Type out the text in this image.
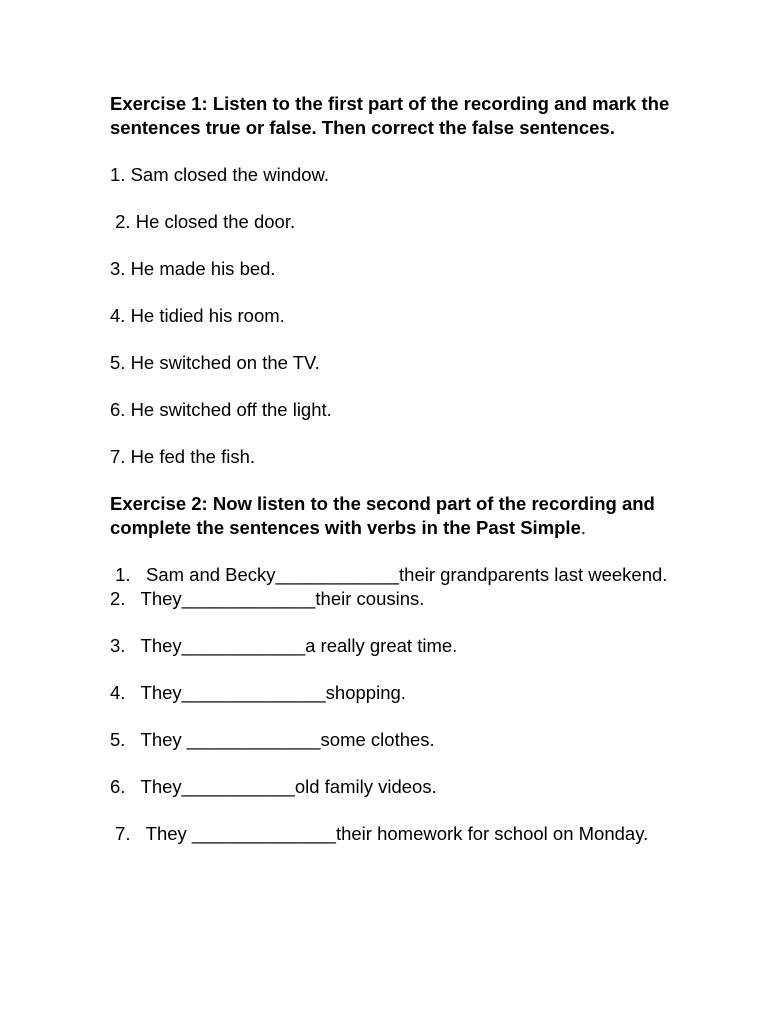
Exercise 1: Listen to the first part of the recording and mark the sentences true or false. Then correct the false sentences.

1. Sam closed the window.

2. He closed the door.

3. He made his bed.

4. He tidied his room.

5. He switched on the TV.

6. He switched off the light.

7. He fed the fish.

Exercise 2: Now listen to the second part of the recording and complete the sentences with verbs in the Past Simple.

1.   Sam and Becky____________their grandparents last weekend.

2.   They_____________their cousins.

3.   They____________a really great time.

4.   They______________shopping.

5.   They _____________some clothes.

6.   They___________old family videos.

7.   They ______________their homework for school on Monday.
